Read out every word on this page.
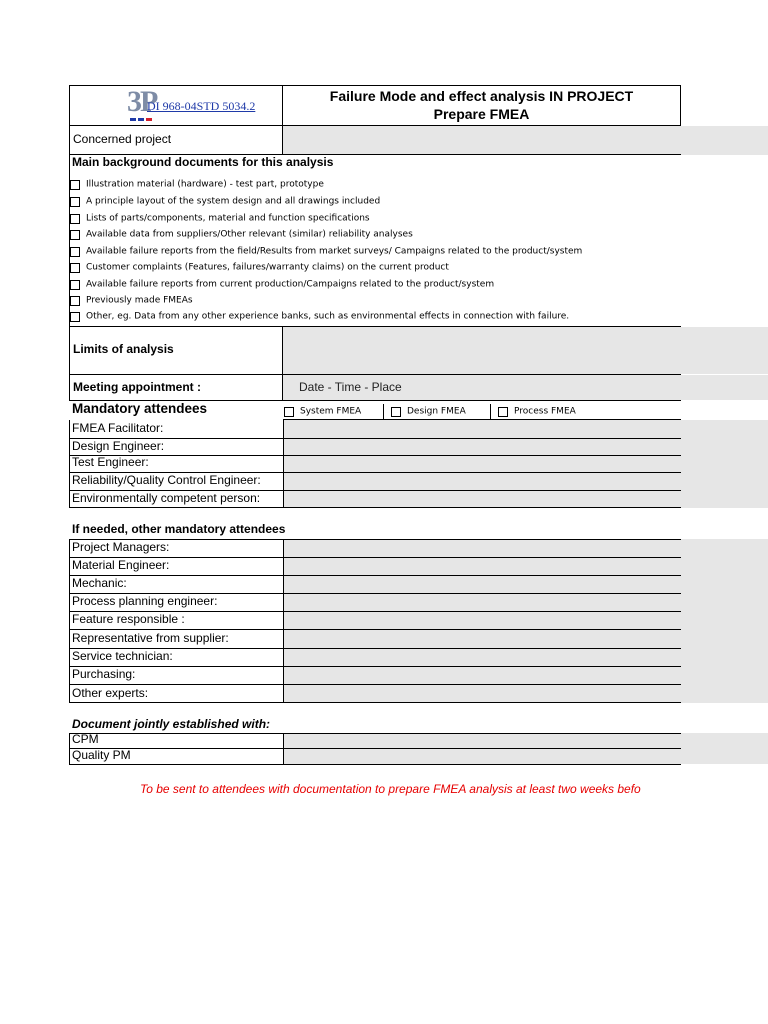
3P
DI 968-04STD 5034.2
Failure Mode and effect analysis IN PROJECT
Prepare FMEA
Concerned project
Main background documents for this analysis
Illustration material (hardware) - test part, prototype
A principle layout of the system design and all drawings included
Lists of parts/components, material and function specifications
Available data from suppliers/Other relevant (similar) reliability analyses
Available failure reports from the field/Results from market surveys/ Campaigns related to the product/system
Customer complaints (Features, failures/warranty claims) on the current product
Available failure reports from current production/Campaigns related to the product/system
Previously made FMEAs
Other, eg. Data from any other experience banks, such as environmental effects in connection with failure.
Limits of analysis
Meeting appointment :	Date - Time - Place
Mandatory attendees	System FMEA	Design FMEA	Process FMEA
FMEA Facilitator:
Design Engineer:
Test Engineer:
Reliability/Quality Control Engineer:
Environmentally competent person:
If needed, other mandatory attendees
Project Managers:
Material Engineer:
Mechanic:
Process planning engineer:
Feature responsible :
Representative from supplier:
Service technician:
Purchasing:
Other experts:
Document jointly established with:
CPM
Quality PM
To be sent to attendees with documentation to prepare FMEA analysis at least two weeks befo
